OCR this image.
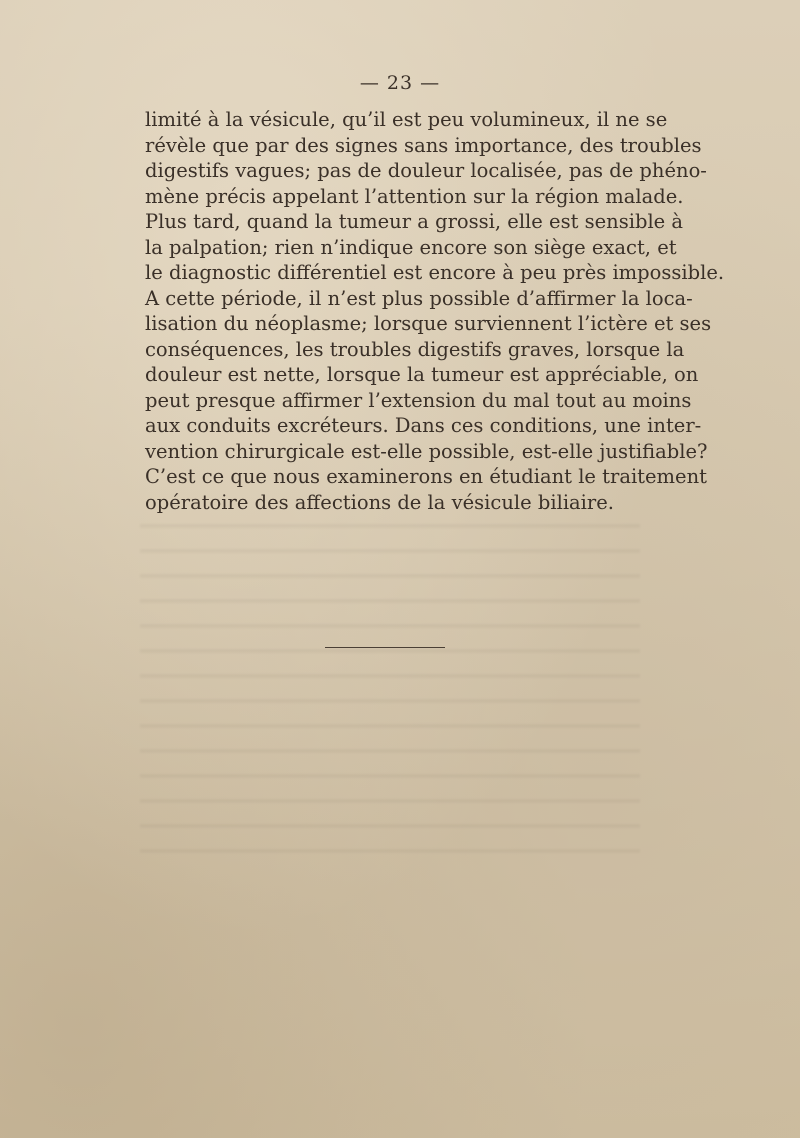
— 23 —
limité à la vésicule, qu’il est peu volumineux, il ne se
révèle que par des signes sans importance, des troubles
digestifs vagues; pas de douleur localisée, pas de phéno-
mène précis appelant l’attention sur la région malade.
Plus tard, quand la tumeur a grossi, elle est sensible à
la palpation; rien n’indique encore son siège exact, et
le diagnostic différentiel est encore à peu près impossible.
A cette période, il n’est plus possible d’affirmer la loca-
lisation du néoplasme; lorsque surviennent l’ictère et ses
conséquences, les troubles digestifs graves, lorsque la
douleur est nette, lorsque la tumeur est appréciable, on
peut presque affirmer l’extension du mal tout au moins
aux conduits excréteurs. Dans ces conditions, une inter-
vention chirurgicale est-elle possible, est-elle justifiable?
C’est ce que nous examinerons en étudiant le traitement
opératoire des affections de la vésicule biliaire.
